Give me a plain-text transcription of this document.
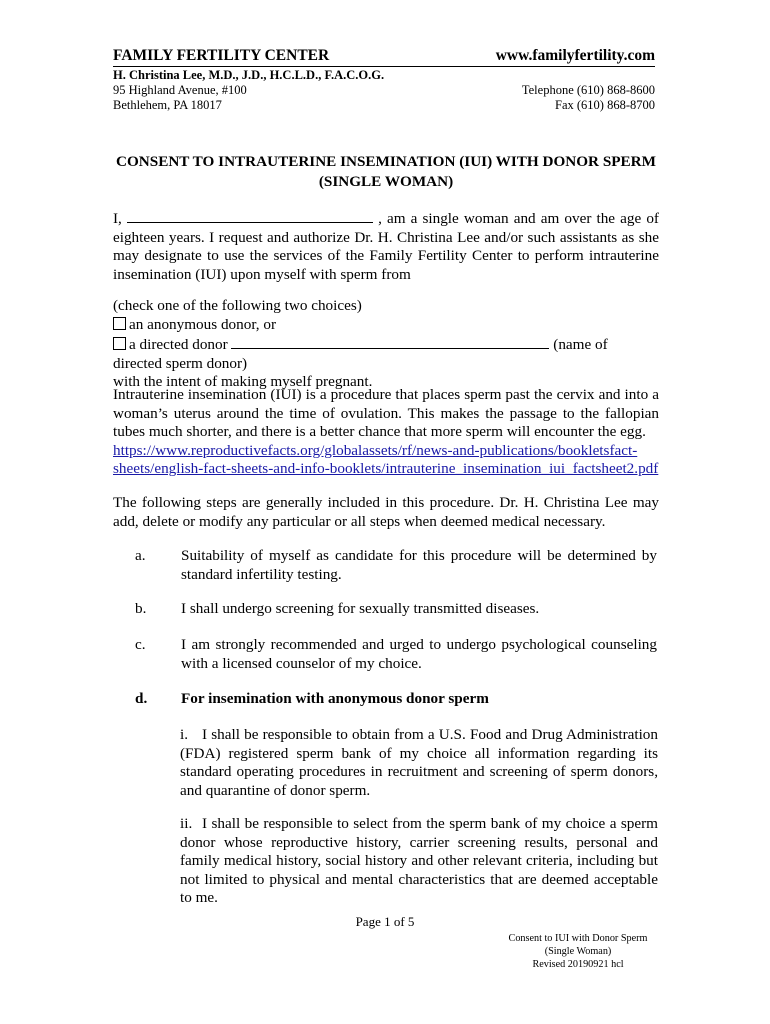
FAMILY FERTILITY CENTER
H. Christina Lee, M.D., J.D., H.C.L.D., F.A.C.O.G.
95 Highland Avenue, #100
Bethlehem, PA 18017
www.familyfertility.com
Telephone (610) 868-8600
Fax (610) 868-8700
CONSENT TO INTRAUTERINE INSEMINATION (IUI) WITH DONOR SPERM
(SINGLE WOMAN)
I,	, am a single woman and am over the age of eighteen years. I request and authorize Dr. H. Christina Lee and/or such assistants as she may designate to use the services of the Family Fertility Center to perform intrauterine insemination (IUI) upon myself with sperm from
(check one of the following two choices)
an anonymous donor, or
a directed donor	(name of directed sperm donor)
with the intent of making myself pregnant.
Intrauterine insemination (IUI) is a procedure that places sperm past the cervix and into a woman’s uterus around the time of ovulation. This makes the passage to the fallopian tubes much shorter, and there is a better chance that more sperm will encounter the egg.
https://www.reproductivefacts.org/globalassets/rf/news-and-publications/bookletsfact-
sheets/english-fact-sheets-and-info-booklets/intrauterine_insemination_iui_factsheet2.pdf
The following steps are generally included in this procedure. Dr. H. Christina Lee may add, delete or modify any particular or all steps when deemed medical necessary.
a. Suitability of myself as candidate for this procedure will be determined by standard infertility testing.
b. I shall undergo screening for sexually transmitted diseases.
c. I am strongly recommended and urged to undergo psychological counseling with a licensed counselor of my choice.
d. For insemination with anonymous donor sperm
i. I shall be responsible to obtain from a U.S. Food and Drug Administration (FDA) registered sperm bank of my choice all information regarding its standard operating procedures in recruitment and screening of sperm donors, and quarantine of donor sperm.
ii. I shall be responsible to select from the sperm bank of my choice a sperm donor whose reproductive history, carrier screening results, personal and family medical history, social history and other relevant criteria, including but not limited to physical and mental characteristics that are deemed acceptable to me.
Page 1 of 5
Consent to IUI with Donor Sperm
(Single Woman)
Revised 20190921 hcl
